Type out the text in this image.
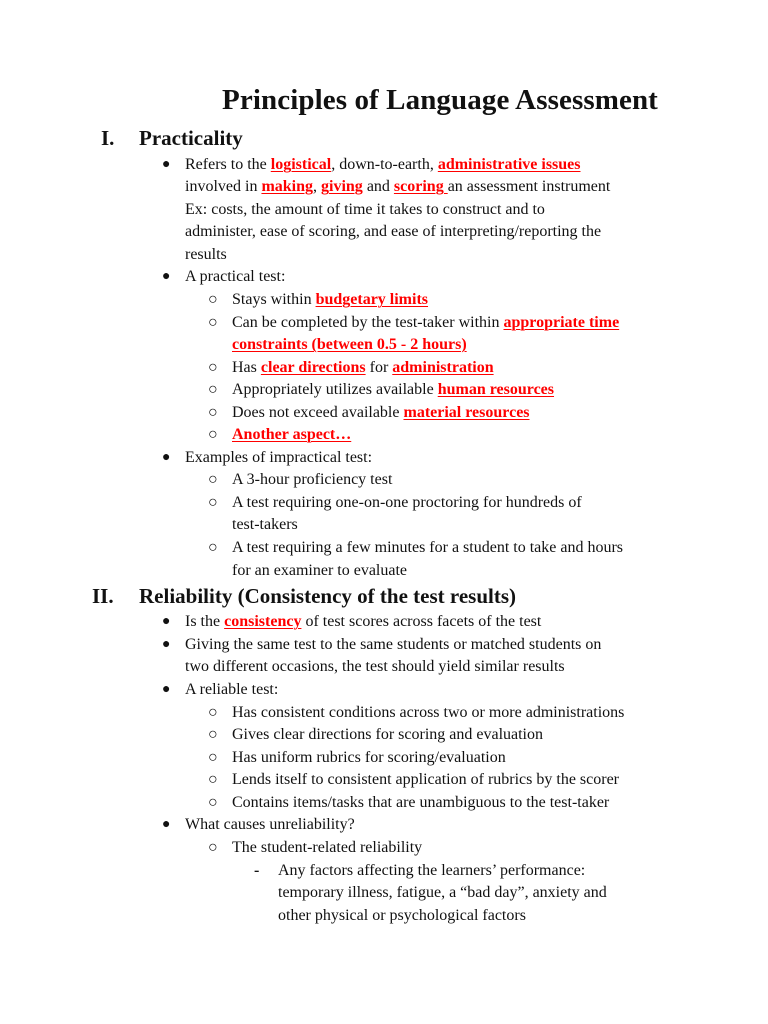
Principles of Language Assessment
I. Practicality
● Refers to the logistical, down-to-earth, administrative issues
involved in making, giving and scoring an assessment instrument
Ex: costs, the amount of time it takes to construct and to
administer, ease of scoring, and ease of interpreting/reporting the
results
● A practical test:
○ Stays within budgetary limits
○ Can be completed by the test-taker within appropriate time
constraints (between 0.5 - 2 hours)
○ Has clear directions for administration
○ Appropriately utilizes available human resources
○ Does not exceed available material resources
○ Another aspect…
● Examples of impractical test:
○ A 3-hour proficiency test
○ A test requiring one-on-one proctoring for hundreds of
test-takers
○ A test requiring a few minutes for a student to take and hours
for an examiner to evaluate
II. Reliability (Consistency of the test results)
● Is the consistency of test scores across facets of the test
● Giving the same test to the same students or matched students on
two different occasions, the test should yield similar results
● A reliable test:
○ Has consistent conditions across two or more administrations
○ Gives clear directions for scoring and evaluation
○ Has uniform rubrics for scoring/evaluation
○ Lends itself to consistent application of rubrics by the scorer
○ Contains items/tasks that are unambiguous to the test-taker
● What causes unreliability?
○ The student-related reliability
- Any factors affecting the learners’ performance:
temporary illness, fatigue, a “bad day”, anxiety and
other physical or psychological factors
